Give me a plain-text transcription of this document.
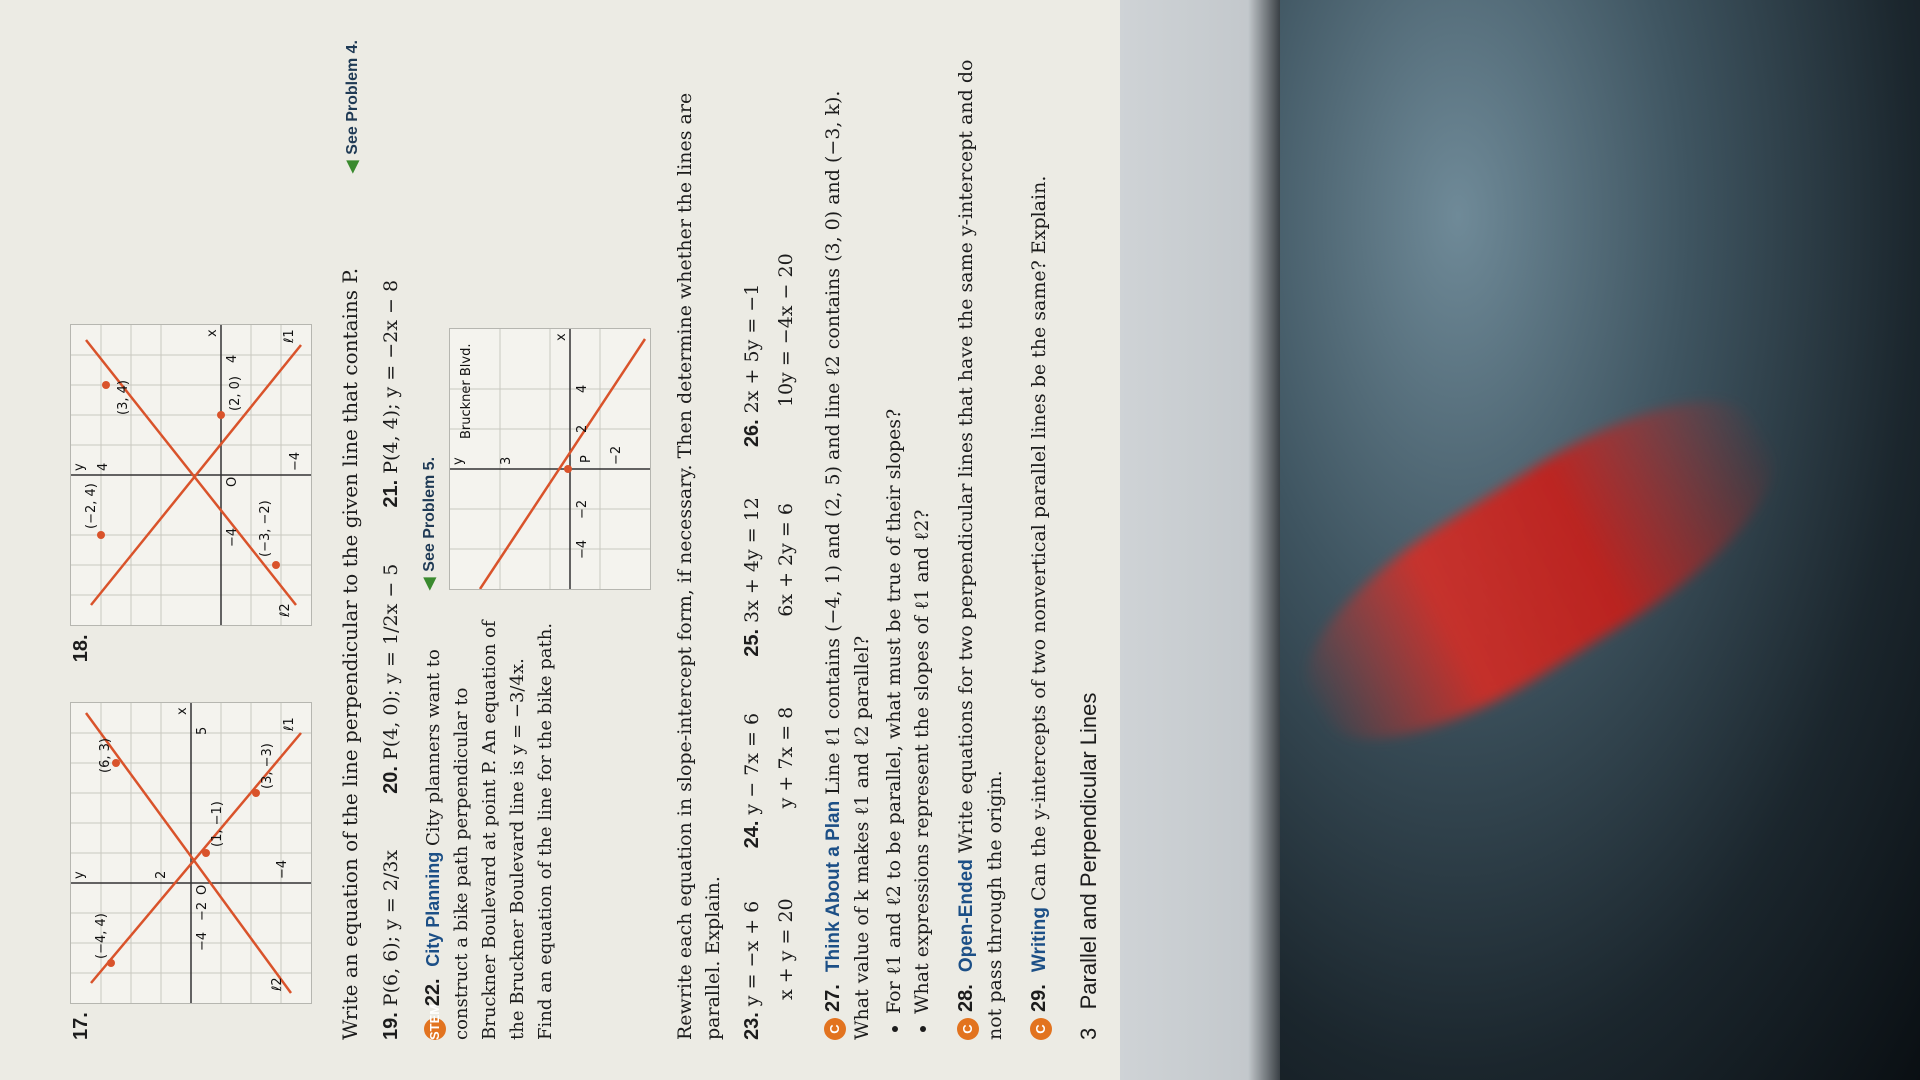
17.
(−4, 4)
(6, 3)
(1, −1)
(3, −3)
ℓ1
ℓ2
x
y
O
−4
−2
2
5
−4
18.
(−2, 4)
(3, 4)	(2, 0)
(−3, −2)
ℓ1
ℓ2
x
y
O
4
−4
4
−4 Write an equation of the line perpendicular to the given line that contains P.
◀ See Problem 4.
19.P(6, 6); y = 2/3x
20.P(4, 0); y = 1/2x − 5
21.P(4, 4); y = −2x − 8
STEM 22. City Planning City planners want to construct a bike path perpendicular to Bruckner Boulevard at point P. An equation of the Bruckner Boulevard line is y = −3/4x. Find an equation of the line for the bike path.
◀ See Problem 5.
Bruckner Blvd.
P
x
y	3
−4
−2
2
4
−2	Rewrite each equation in slope-intercept form, if necessary. Then determine whether the lines are parallel. Explain. 23.y = −x + 6 x + y = 20
24.y − 7x = 6 y + 7x = 8
25.3x + 4y = 12 6x + 2y = 6
26.2x + 5y = −1 10y = −4x − 20
C27. Think About a Plan Line ℓ1 contains (−4, 1) and (2, 5) and line ℓ2 contains (3, 0) and (−3, k). What value of k makes ℓ1 and ℓ2 parallel? • For ℓ1 and ℓ2 to be parallel, what must be true of their slopes? • What expressions represent the slopes of ℓ1 and ℓ2?
C28. Open-Ended Write equations for two perpendicular lines that have the same y-intercept and do not pass through the origin.	C29. Writing Can the y-intercepts of two nonvertical parallel lines be the same? Explain.
3   Parallel and Perpendicular Lines
